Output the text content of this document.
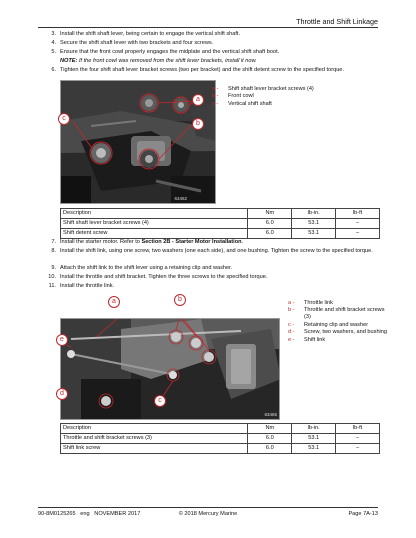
Throttle and Shift Linkage
3. Install the shift shaft lever, being certain to engage the vertical shift shaft.
4. Secure the shift shaft lever with two brackets and four screws.
5. Ensure that the front cowl properly engages the midplate and the vertical shift shaft boot.
NOTE: If the front cowl was removed from the shift lever brackets, install it now.
6. Tighten the four shift shaft lever bracket screws (two per bracket) and the shift detent screw to the specified torque.
63462
a
b
c
a - Shift shaft lever bracket screws (4)
b - Front cowl
c - Vertical shift shaft
Description	Nm	lb-in.	lb-ft
Shift shaft lever bracket screws (4)	6.0	53.1	–
Shift detent screw	6.0	53.1	–
7. Install the starter motor. Refer to Section 2B - Starter Motor Installation.
8. Install the shift link, using one screw, two washers (one each side), and one bushing. Tighten the screw to the specified torque.
9. Attach the shift link to the shift lever using a retaining clip and washer.
10. Install the throttle and shift bracket. Tighten the three screws to the specified torque.
11. Install the throttle link.
63465
a	b
c
d
e
a - Throttle link
b - Throttle and shift bracket screws (3)
c - Retaining clip and washer
d - Screw, two washers, and bushing
e - Shift link
Description	Nm	lb-in.	lb-ft
Throttle and shift bracket screws (3)	6.0	53.1	–
Shift link screw	6.0	53.1	–
90-8M0125265   eng   NOVEMBER 2017	© 2018 Mercury Marine	Page 7A-13
